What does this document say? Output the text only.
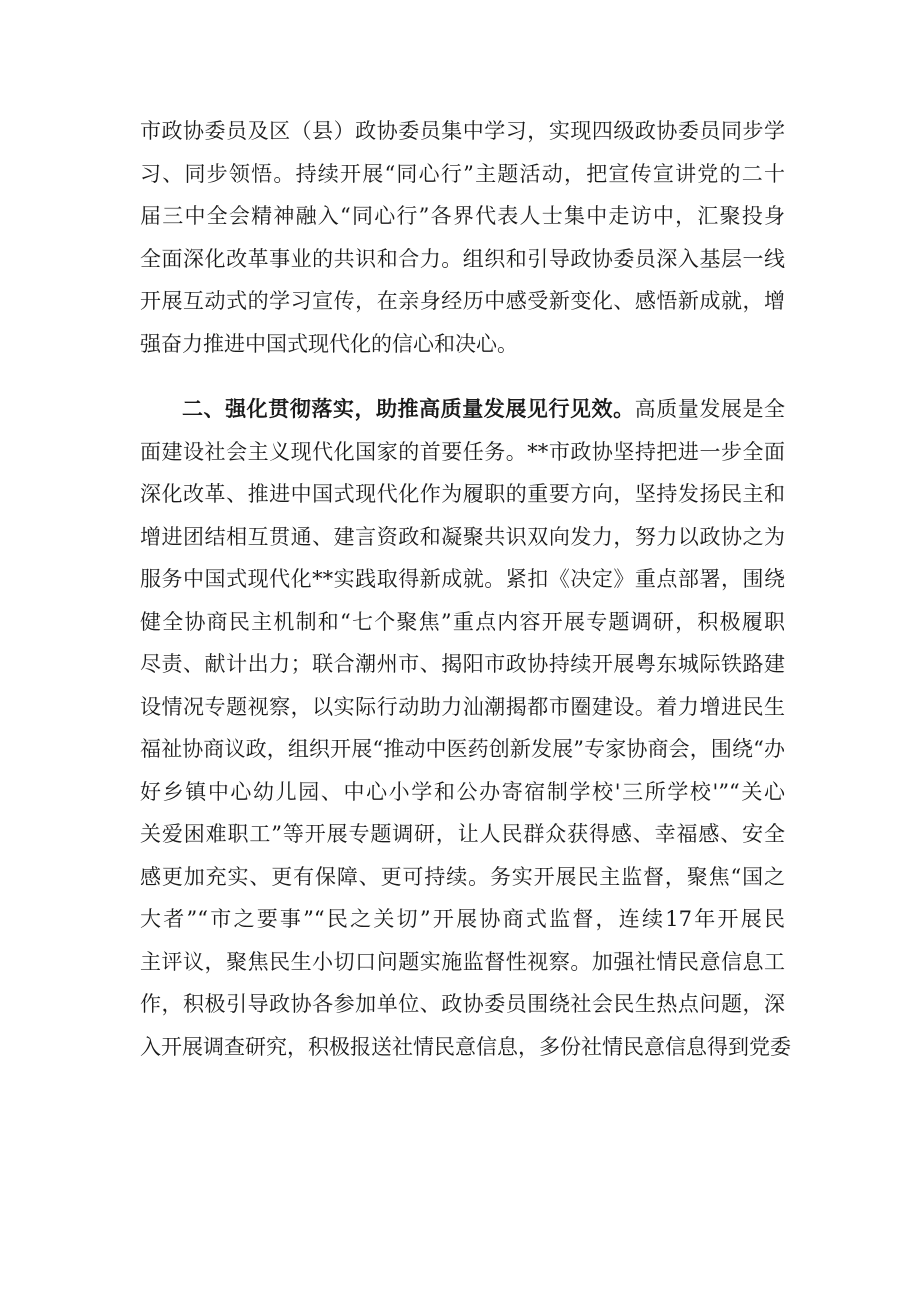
市政协委员及区（县）政协委员集中学习，实现四级政协委员同步学
习、同步领悟。持续开展“同心行”主题活动，把宣传宣讲党的二十
届三中全会精神融入“同心行”各界代表人士集中走访中，汇聚投身
全面深化改革事业的共识和合力。组织和引导政协委员深入基层一线
开展互动式的学习宣传，在亲身经历中感受新变化、感悟新成就，增
强奋力推进中国式现代化的信心和决心。
二、强化贯彻落实，助推高质量发展见行见效。高质量发展是全
面建设社会主义现代化国家的首要任务。**市政协坚持把进一步全面
深化改革、推进中国式现代化作为履职的重要方向，坚持发扬民主和
增进团结相互贯通、建言资政和凝聚共识双向发力，努力以政协之为
服务中国式现代化**实践取得新成就。紧扣《决定》重点部署，围绕
健全协商民主机制和“七个聚焦”重点内容开展专题调研，积极履职
尽责、献计出力；联合潮州市、揭阳市政协持续开展粤东城际铁路建
设情况专题视察，以实际行动助力汕潮揭都市圈建设。着力增进民生
福祉协商议政，组织开展“推动中医药创新发展”专家协商会，围绕“办
好乡镇中心幼儿园、中心小学和公办寄宿制学校'三所学校'”“关心
关爱困难职工”等开展专题调研，让人民群众获得感、幸福感、安全
感更加充实、更有保障、更可持续。务实开展民主监督，聚焦“国之
大者”“市之要事”“民之关切”开展协商式监督，连续17年开展民
主评议，聚焦民生小切口问题实施监督性视察。加强社情民意信息工
作，积极引导政协各参加单位、政协委员围绕社会民生热点问题，深
入开展调查研究，积极报送社情民意信息，多份社情民意信息得到党委
